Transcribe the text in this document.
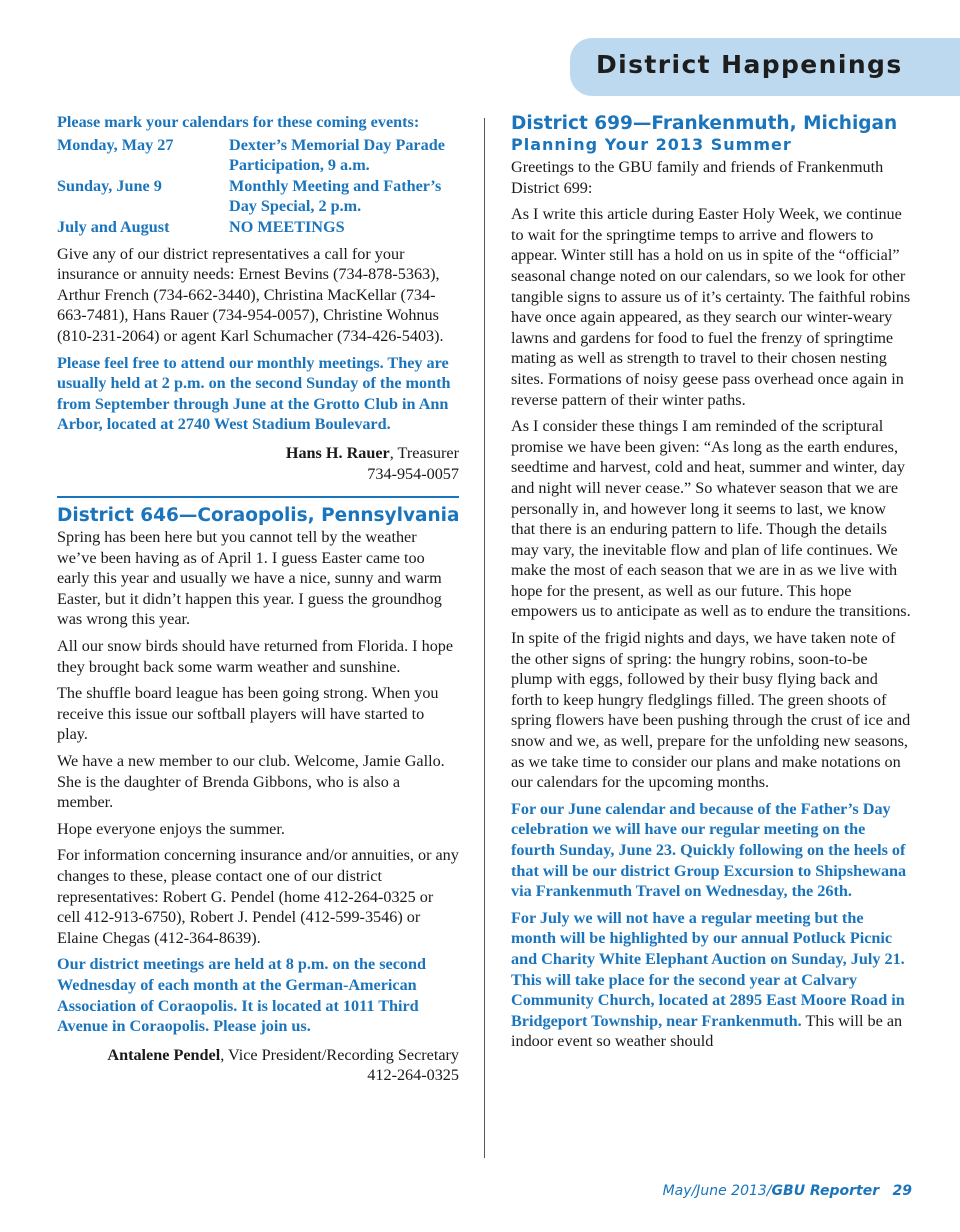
District Happenings
Please mark your calendars for these coming events:
Monday, May 27	Dexter’s Memorial Day Parade Participation, 9 a.m.
Sunday, June 9	Monthly Meeting and Father’s Day Special, 2 p.m.
July and August	NO MEETINGS

Give any of our district representatives a call for your insurance or annuity needs: Ernest Bevins (734-878-5363), Arthur French (734-662-3440), Christina MacKellar (734-663-7481), Hans Rauer (734-954-0057), Christine Wohnus (810-231-2064) or agent Karl Schumacher (734-426-5403).

Please feel free to attend our monthly meetings. They are usually held at 2 p.m. on the second Sunday of the month from September through June at the Grotto Club in Ann Arbor, located at 2740 West Stadium Boulevard.

Hans H. Rauer, Treasurer
734-954-0057
District 646—Coraopolis, Pennsylvania

Spring has been here but you cannot tell by the weather we’ve been having as of April 1. I guess Easter came too early this year and usually we have a nice, sunny and warm Easter, but it didn’t happen this year. I guess the groundhog was wrong this year.

All our snow birds should have returned from Florida. I hope they brought back some warm weather and sunshine.

The shuffle board league has been going strong. When you receive this issue our softball players will have started to play.

We have a new member to our club. Welcome, Jamie Gallo. She is the daughter of Brenda Gibbons, who is also a member.

Hope everyone enjoys the summer.

For information concerning insurance and/or annuities, or any changes to these, please contact one of our district representatives: Robert G. Pendel (home 412-264-0325 or cell 412-913-6750), Robert J. Pendel (412-599-3546) or Elaine Chegas (412-364-8639).

Our district meetings are held at 8 p.m. on the second Wednesday of each month at the German-American Association of Coraopolis. It is located at 1011 Third Avenue in Coraopolis. Please join us.

Antalene Pendel, Vice President/Recording Secretary
412-264-0325
District 699—Frankenmuth, Michigan
Planning Your 2013 Summer

Greetings to the GBU family and friends of Frankenmuth District 699:

As I write this article during Easter Holy Week, we continue to wait for the springtime temps to arrive and flowers to appear. Winter still has a hold on us in spite of the “official” seasonal change noted on our calendars, so we look for other tangible signs to assure us of it’s certainty. The faithful robins have once again appeared, as they search our winter-weary lawns and gardens for food to fuel the frenzy of springtime mating as well as strength to travel to their chosen nesting sites. Formations of noisy geese pass overhead once again in reverse pattern of their winter paths.

As I consider these things I am reminded of the scriptural promise we have been given: “As long as the earth endures, seedtime and harvest, cold and heat, summer and winter, day and night will never cease.” So whatever season that we are personally in, and however long it seems to last, we know that there is an enduring pattern to life. Though the details may vary, the inevitable flow and plan of life continues. We make the most of each season that we are in as we live with hope for the present, as well as our future. This hope empowers us to anticipate as well as to endure the transitions.

In spite of the frigid nights and days, we have taken note of the other signs of spring: the hungry robins, soon-to-be plump with eggs, followed by their busy flying back and forth to keep hungry fledglings filled. The green shoots of spring flowers have been pushing through the crust of ice and snow and we, as well, prepare for the unfolding new seasons, as we take time to consider our plans and make notations on our calendars for the upcoming months.

For our June calendar and because of the Father’s Day celebration we will have our regular meeting on the fourth Sunday, June 23. Quickly following on the heels of that will be our district Group Excursion to Shipshewana via Frankenmuth Travel on Wednesday, the 26th.

For July we will not have a regular meeting but the month will be highlighted by our annual Potluck Picnic and Charity White Elephant Auction on Sunday, July 21. This will take place for the second year at Calvary Community Church, located at 2895 East Moore Road in Bridgeport Township, near Frankenmuth. This will be an indoor event so weather should

May/June 2013/GBU Reporter 29
